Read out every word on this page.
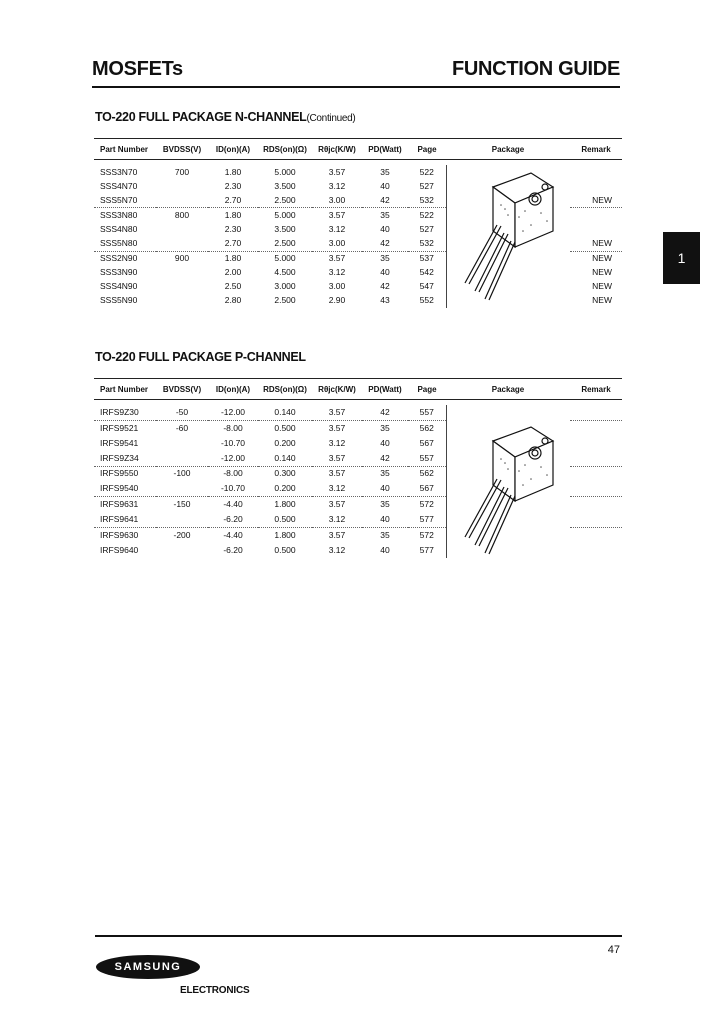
MOSFETs	FUNCTION GUIDE
1
TO-220 FULL PACKAGE N-CHANNEL(Continued)
Part Number	BVDSS(V)	ID(on)(A)	RDS(on)(Ω)	Rθjc(K/W)	PD(Watt)	Page	Package	Remark

SSS3N70	700	1.80	5.000	3.57	35	522		
SSS4N70		2.30	3.500	3.12	40	527		
SSS5N70		2.70	2.500	3.00	42	532		NEW
SSS3N80	800	1.80	5.000	3.57	35	522		
SSS4N80		2.30	3.500	3.12	40	527		
SSS5N80		2.70	2.500	3.00	42	532		NEW
SSS2N90	900	1.80	5.000	3.57	35	537		NEW
SSS3N90		2.00	4.500	3.12	40	542		NEW
SSS4N90		2.50	3.000	3.00	42	547		NEW
SSS5N90		2.80	2.500	2.90	43	552		NEW
TO-220 FULL PACKAGE P-CHANNEL
Part Number	BVDSS(V)	ID(on)(A)	RDS(on)(Ω)	Rθjc(K/W)	PD(Watt)	Page	Package	Remark

IRFS9Z30	-50	-12.00	0.140	3.57	42	557		
IRFS9521	-60	-8.00	0.500	3.57	35	562		
IRFS9541		-10.70	0.200	3.12	40	567		
IRFS9Z34		-12.00	0.140	3.57	42	557		
IRFS9550	-100	-8.00	0.300	3.57	35	562		
IRFS9540		-10.70	0.200	3.12	40	567		
IRFS9631	-150	-4.40	1.800	3.57	35	572		
IRFS9641		-6.20	0.500	3.12	40	577		
IRFS9630	-200	-4.40	1.800	3.57	35	572		
IRFS9640		-6.20	0.500	3.12	40	577		
47
SAMSUNG
ELECTRONICS
